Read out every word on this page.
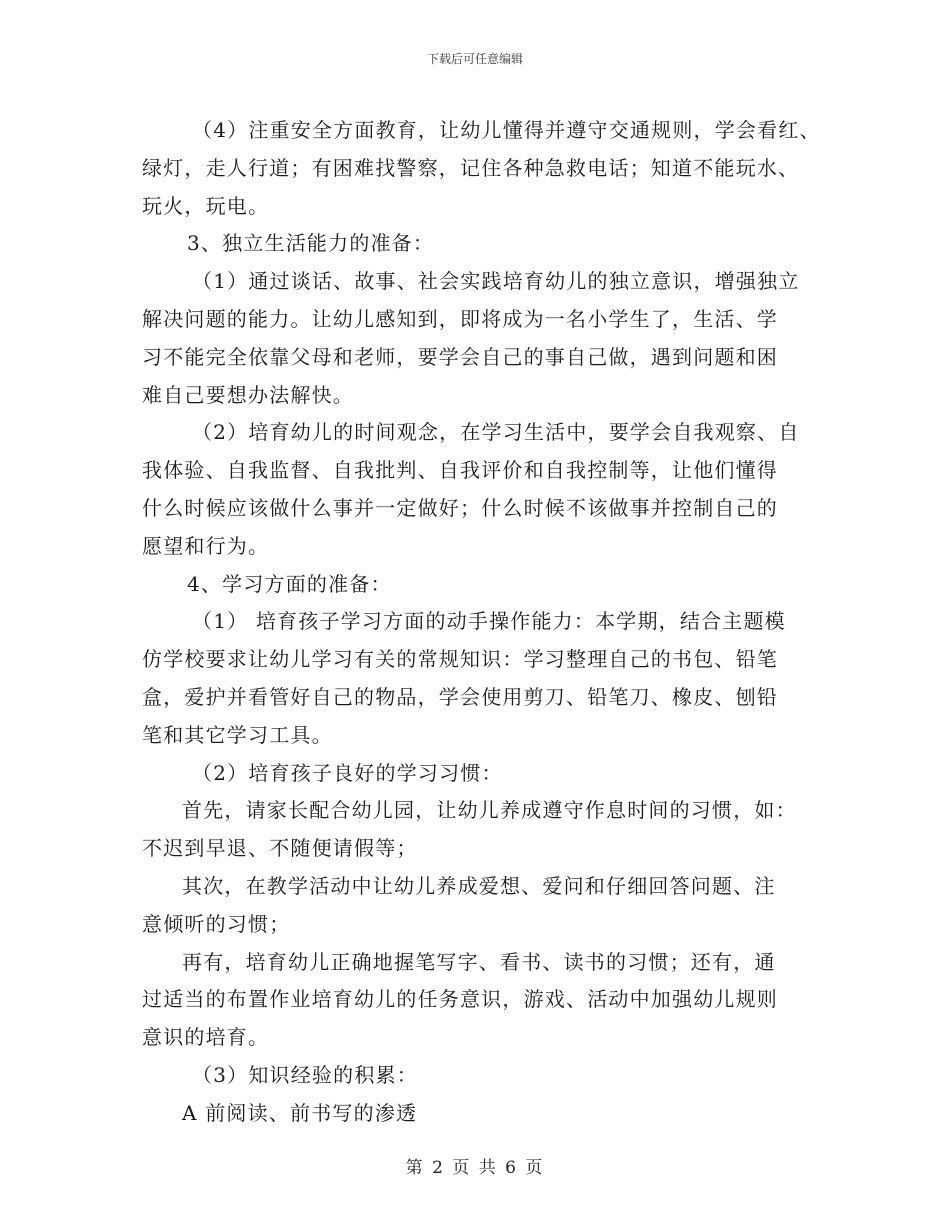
下载后可任意编辑
（4）注重安全方面教育，让幼儿懂得并遵守交通规则，学会看红、
绿灯，走人行道；有困难找警察，记住各种急救电话；知道不能玩水、
玩火，玩电。
3、独立生活能力的准备：
（1）通过谈话、故事、社会实践培育幼儿的独立意识，增强独立
解决问题的能力。让幼儿感知到，即将成为一名小学生了，生活、学
习不能完全依靠父母和老师，要学会自己的事自己做，遇到问题和困
难自己要想办法解快。
（2）培育幼儿的时间观念，在学习生活中，要学会自我观察、自
我体验、自我监督、自我批判、自我评价和自我控制等，让他们懂得
什么时候应该做什么事并一定做好；什么时候不该做事并控制自己的
愿望和行为。
4、学习方面的准备：
（1） 培育孩子学习方面的动手操作能力：本学期，结合主题模
仿学校要求让幼儿学习有关的常规知识：学习整理自己的书包、铅笔
盒，爱护并看管好自己的物品，学会使用剪刀、铅笔刀、橡皮、刨铅
笔和其它学习工具。
（2）培育孩子良好的学习习惯：
首先，请家长配合幼儿园，让幼儿养成遵守作息时间的习惯，如：
不迟到早退、不随便请假等；
其次，在教学活动中让幼儿养成爱想、爱问和仔细回答问题、注
意倾听的习惯；
再有，培育幼儿正确地握笔写字、看书、读书的习惯；还有，通
过适当的布置作业培育幼儿的任务意识，游戏、活动中加强幼儿规则
意识的培育。
（3）知识经验的积累：
A 前阅读、前书写的渗透
第 2 页 共 6 页
